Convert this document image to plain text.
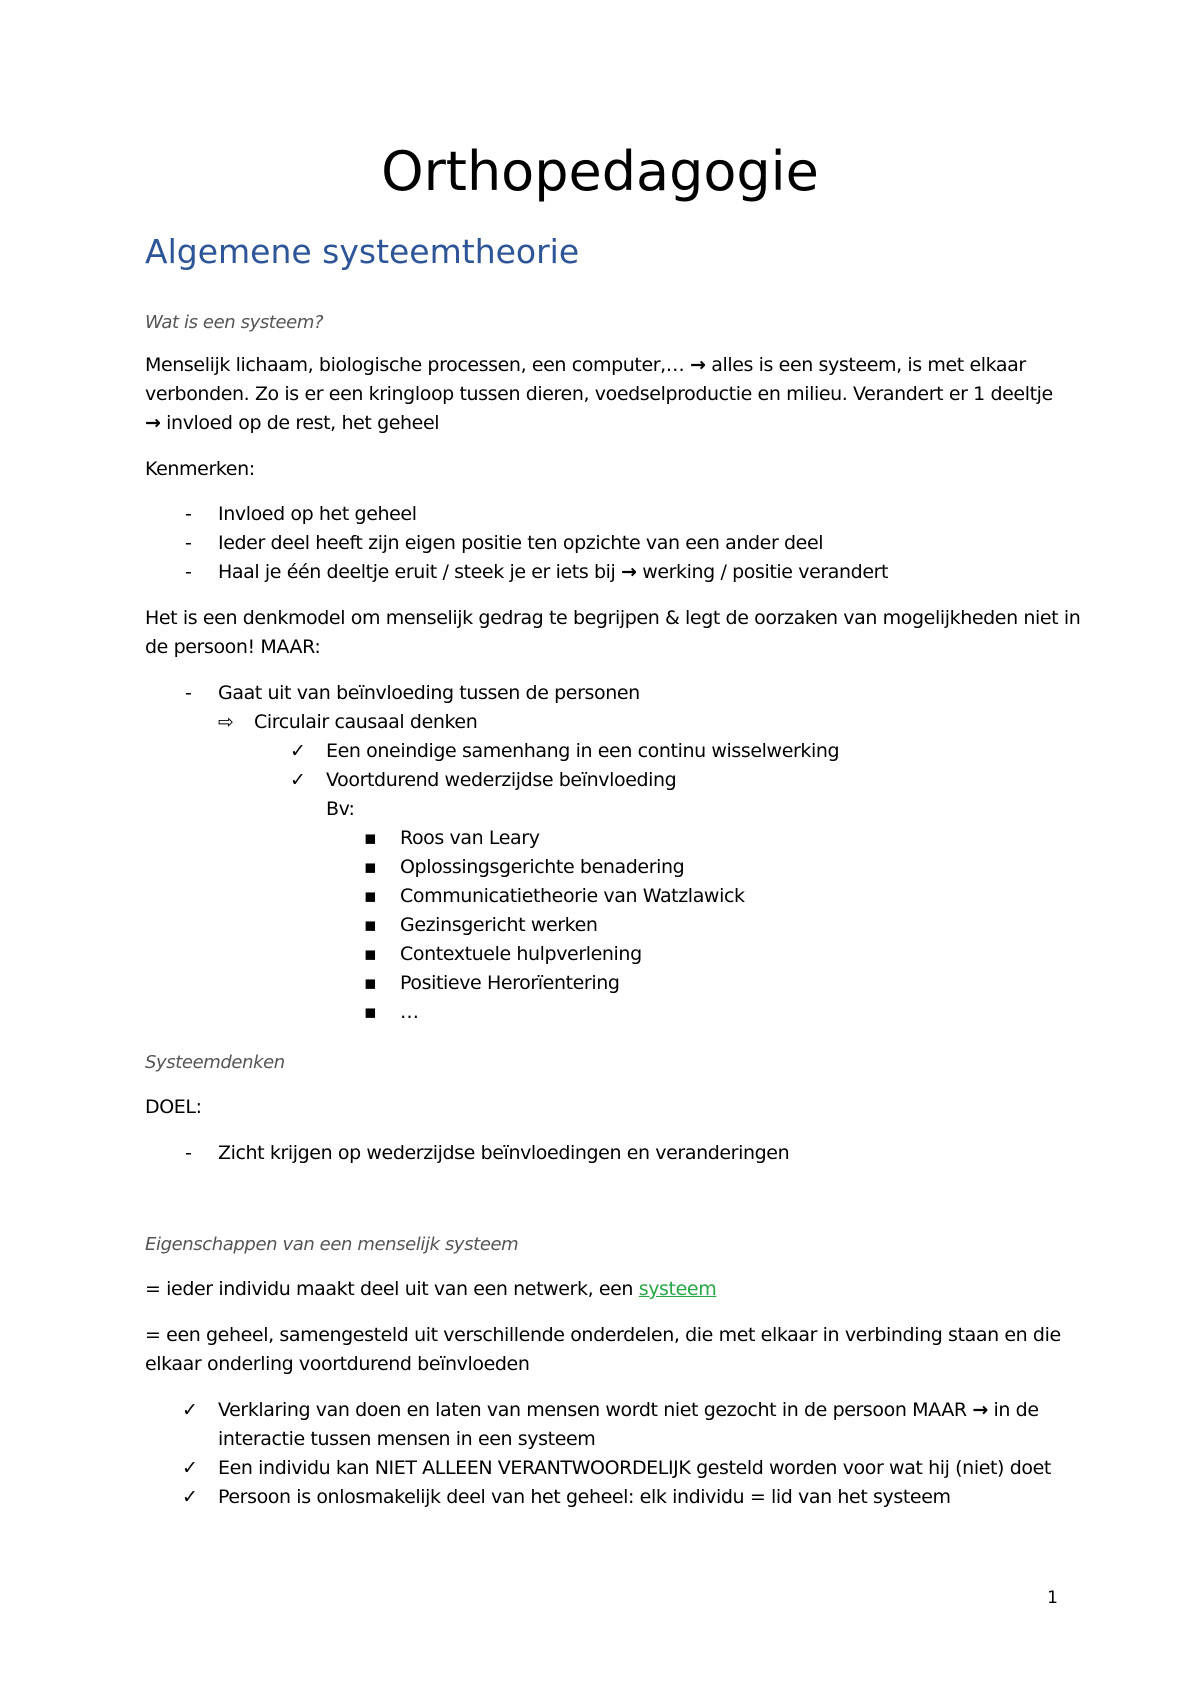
Orthopedagogie
Algemene systeemtheorie
Wat is een systeem?
Menselijk lichaam, biologische processen, een computer,… → alles is een systeem, is met elkaar
verbonden. Zo is er een kringloop tussen dieren, voedselproductie en milieu. Verandert er 1 deeltje
→ invloed op de rest, het geheel
Kenmerken:
- Invloed op het geheel
- Ieder deel heeft zijn eigen positie ten opzichte van een ander deel
- Haal je één deeltje eruit / steek je er iets bij → werking / positie verandert
Het is een denkmodel om menselijk gedrag te begrijpen & legt de oorzaken van mogelijkheden niet in
de persoon! MAAR:
- Gaat uit van beïnvloeding tussen de personen
⇨ Circulair causaal denken
✓ Een oneindige samenhang in een continu wisselwerking
✓ Voortdurend wederzijdse beïnvloeding
Bv:
▪ Roos van Leary
▪ Oplossingsgerichte benadering
▪ Communicatietheorie van Watzlawick
▪ Gezinsgericht werken
▪ Contextuele hulpverlening
▪ Positieve Herorïentering
▪ …
Systeemdenken
DOEL:
- Zicht krijgen op wederzijdse beïnvloedingen en veranderingen
Eigenschappen van een menselijk systeem
= ieder individu maakt deel uit van een netwerk, een systeem
= een geheel, samengesteld uit verschillende onderdelen, die met elkaar in verbinding staan en die
elkaar onderling voortdurend beïnvloeden
✓ Verklaring van doen en laten van mensen wordt niet gezocht in de persoon MAAR → in de
interactie tussen mensen in een systeem
✓ Een individu kan NIET ALLEEN VERANTWOORDELIJK gesteld worden voor wat hij (niet) doet
✓ Persoon is onlosmakelijk deel van het geheel: elk individu = lid van het systeem
1
